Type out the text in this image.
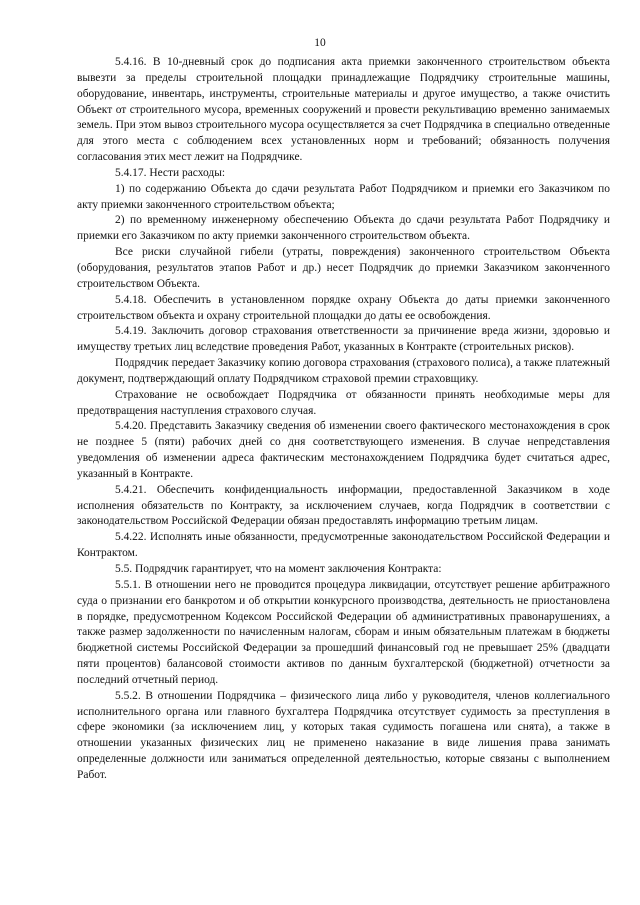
10

5.4.16. В 10-дневный срок до подписания акта приемки законченного строительством объекта вывезти за пределы строительной площадки принадлежащие Подрядчику строительные машины, оборудование, инвентарь, инструменты, строительные материалы и другое имущество, а также очистить Объект от строительного мусора, временных сооружений и провести рекультивацию временно занимаемых земель. При этом вывоз строительного мусора осуществляется за счет Подрядчика в специально отведенные для этого места с соблюдением всех установленных норм и требований; обязанность получения согласования этих мест лежит на Подрядчике.

5.4.17. Нести расходы:

1) по содержанию Объекта до сдачи результата Работ Подрядчиком и приемки его Заказчиком по акту приемки законченного строительством объекта;

2) по временному инженерному обеспечению Объекта до сдачи результата Работ Подрядчику и приемки его Заказчиком по акту приемки законченного строительством объекта.

Все риски случайной гибели (утраты, повреждения) законченного строительством Объекта (оборудования, результатов этапов Работ и др.) несет Подрядчик до приемки Заказчиком законченного строительством Объекта.

5.4.18. Обеспечить в установленном порядке охрану Объекта до даты приемки законченного строительством объекта и охрану строительной площадки до даты ее освобождения.

5.4.19. Заключить договор страхования ответственности за причинение вреда жизни, здоровью и имуществу третьих лиц вследствие проведения Работ, указанных в Контракте (строительных рисков).

Подрядчик передает Заказчику копию договора страхования (страхового полиса), а также платежный документ, подтверждающий оплату Подрядчиком страховой премии страховщику.

Страхование не освобождает Подрядчика от обязанности принять необходимые меры для предотвращения наступления страхового случая.

5.4.20. Представить Заказчику сведения об изменении своего фактического местонахождения в срок не позднее 5 (пяти) рабочих дней со дня соответствующего изменения. В случае непредставления уведомления об изменении адреса фактическим местонахождением Подрядчика будет считаться адрес, указанный в Контракте.

5.4.21. Обеспечить конфиденциальность информации, предоставленной Заказчиком в ходе исполнения обязательств по Контракту, за исключением случаев, когда Подрядчик в соответствии с законодательством Российской Федерации обязан предоставлять информацию третьим лицам.

5.4.22. Исполнять иные обязанности, предусмотренные законодательством Российской Федерации и Контрактом.

5.5. Подрядчик гарантирует, что на момент заключения Контракта:

5.5.1. В отношении него не проводится процедура ликвидации, отсутствует решение арбитражного суда о признании его банкротом и об открытии конкурсного производства, деятельность не приостановлена в порядке, предусмотренном Кодексом Российской Федерации об административных правонарушениях, а также размер задолженности по начисленным налогам, сборам и иным обязательным платежам в бюджеты бюджетной системы Российской Федерации за прошедший финансовый год не превышает 25% (двадцати пяти процентов) балансовой стоимости активов по данным бухгалтерской (бюджетной) отчетности за последний отчетный период.

5.5.2. В отношении Подрядчика – физического лица либо у руководителя, членов коллегиального исполнительного органа или главного бухгалтера Подрядчика отсутствует судимость за преступления в сфере экономики (за исключением лиц, у которых такая судимость погашена или снята), а также в отношении указанных физических лиц не применено наказание в виде лишения права занимать определенные должности или заниматься определенной деятельностью, которые связаны с выполнением Работ.
